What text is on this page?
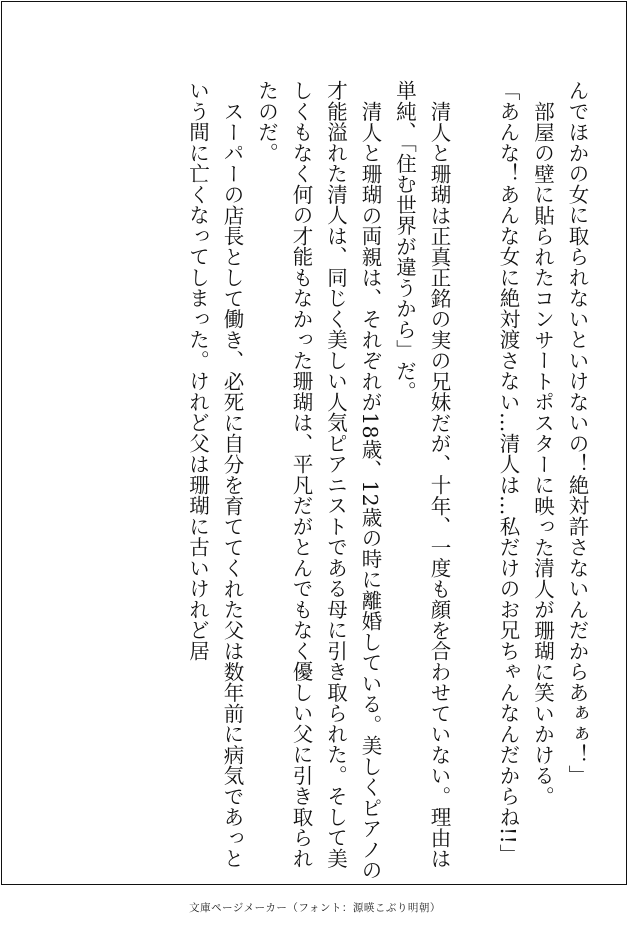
んでほかの女に取られないといけないの！絶対許さないんだからあぁぁ！」

部屋の壁に貼られたコンサートポスターに映った清人が珊瑚に笑いかける。

「あんな！あんな女に絶対渡さない…清人は…私だけのお兄ちゃんなんだからね!!」

清人と珊瑚は正真正銘の実の兄妹だが、十年、一度も顔を合わせていない。理由は単純、「住む世界が違うから」だ。

清人と珊瑚の両親は、それぞれが18歳、12歳の時に離婚している。美しくピアノの才能溢れた清人は、同じく美しい人気ピアニストである母に引き取られた。そして美しくもなく何の才能もなかった珊瑚は、平凡だがとんでもなく優しい父に引き取られたのだ。

スーパーの店長として働き、必死に自分を育ててくれた父は数年前に病気であっという間に亡くなってしまった。けれど父は珊瑚に古いけれど居

文庫ページメーカー（フォント：源暎こぶり明朝）
